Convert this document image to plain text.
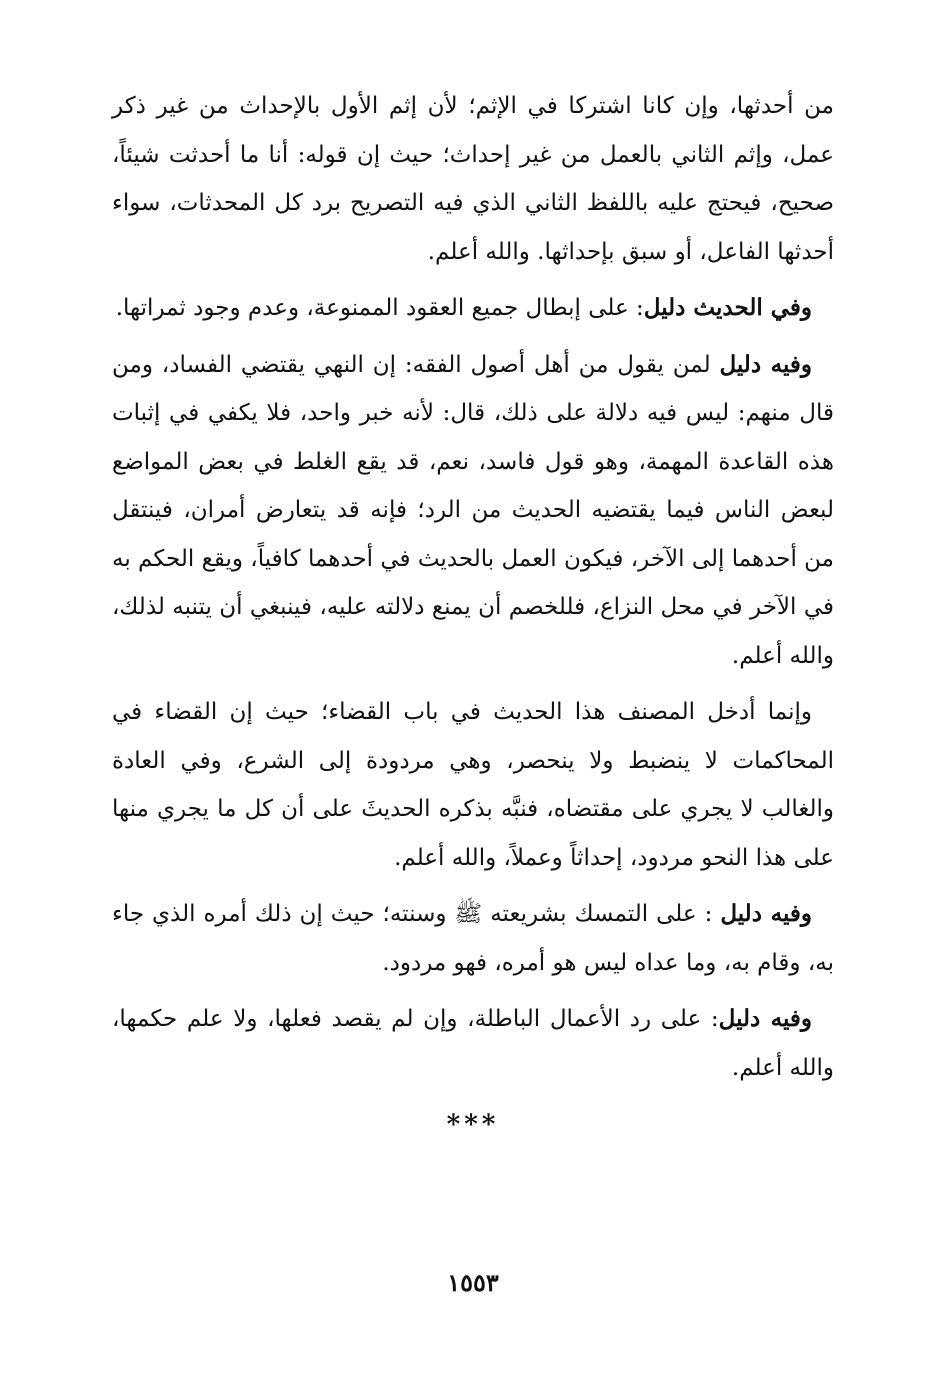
من أحدثها، وإن كانا اشتركا في الإثم؛ لأن إثم الأول بالإحداث من غير ذكر عمل، وإثم الثاني بالعمل من غير إحداث؛ حيث إن قوله: أنا ما أحدثت شيئاً، صحيح، فيحتج عليه باللفظ الثاني الذي فيه التصريح برد كل المحدثات، سواء أحدثها الفاعل، أو سبق بإحداثها. والله أعلم.

وفي الحديث دليل: على إبطال جميع العقود الممنوعة، وعدم وجود ثمراتها.

وفيه دليل لمن يقول من أهل أصول الفقه: إن النهي يقتضي الفساد، ومن قال منهم: ليس فيه دلالة على ذلك، قال: لأنه خبر واحد، فلا يكفي في إثبات هذه القاعدة المهمة، وهو قول فاسد، نعم، قد يقع الغلط في بعض المواضع لبعض الناس فيما يقتضيه الحديث من الرد؛ فإنه قد يتعارض أمران، فينتقل من أحدهما إلى الآخر، فيكون العمل بالحديث في أحدهما كافياً، ويقع الحكم به في الآخر في محل النزاع، فللخصم أن يمنع دلالته عليه، فينبغي أن يتنبه لذلك، والله أعلم.

وإنما أدخل المصنف هذا الحديث في باب القضاء؛ حيث إن القضاء في المحاكمات لا ينضبط ولا ينحصر، وهي مردودة إلى الشرع، وفي العادة والغالب لا يجري على مقتضاه، فنبَّه بذكره الحديثَ على أن كل ما يجري منها على هذا النحو مردود، إحداثاً وعملاً، والله أعلم.

وفيه دليل : على التمسك بشريعته ﷺ وسنته؛ حيث إن ذلك أمره الذي جاء به، وقام به، وما عداه ليس هو أمره، فهو مردود.

وفيه دليل: على رد الأعمال الباطلة، وإن لم يقصد فعلها، ولا علم حكمها، والله أعلم.

***
١٥٥٣
